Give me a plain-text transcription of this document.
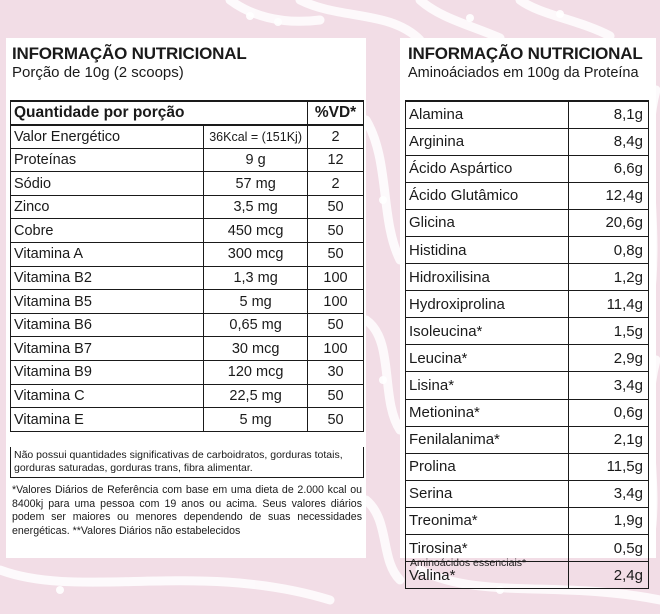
INFORMAÇÃO NUTRICIONAL
Porção de 10g (2 scoops)
Quantidade por porção		%VD*
Valor Energético	36Kcal = (151Kj)	2
Proteínas	9 g	12
Sódio	57 mg	2
Zinco	3,5 mg	50
Cobre	450 mcg	50
Vitamina A	300 mcg	50
Vitamina B2	1,3 mg	100
Vitamina B5	5 mg	100
Vitamina B6	0,65 mg	50
Vitamina B7	30 mcg	100
Vitamina B9	120 mcg	30
Vitamina C	22,5 mg	50
Vitamina E	5 mg	50
Não possui quantidades significativas de carboidratos, gorduras totais, gorduras saturadas, gorduras trans, fibra alimentar.
*Valores Diários de Referência com base em uma dieta de 2.000 kcal ou 8400kj para uma pessoa com 19 anos ou acima. Seus valores diários podem ser maiores ou menores dependendo de suas necessidades energéticas. **Valores Diários não estabelecidos
INFORMAÇÃO NUTRICIONAL
Aminoáciados em 100g da Proteína
Alamina	8,1g
Arginina	8,4g
Ácido Aspártico	6,6g
Ácido Glutâmico	12,4g
Glicina	20,6g
Histidina	0,8g
Hidroxilisina	1,2g
Hydroxiprolina	11,4g
Isoleucina*	1,5g
Leucina*	2,9g
Lisina*	3,4g
Metionina*	0,6g
Fenilalanima*	2,1g
Prolina	11,5g
Serina	3,4g
Treonima*	1,9g
Tirosina*	0,5g
Valina*	2,4g
Aminoácidos essenciais*
